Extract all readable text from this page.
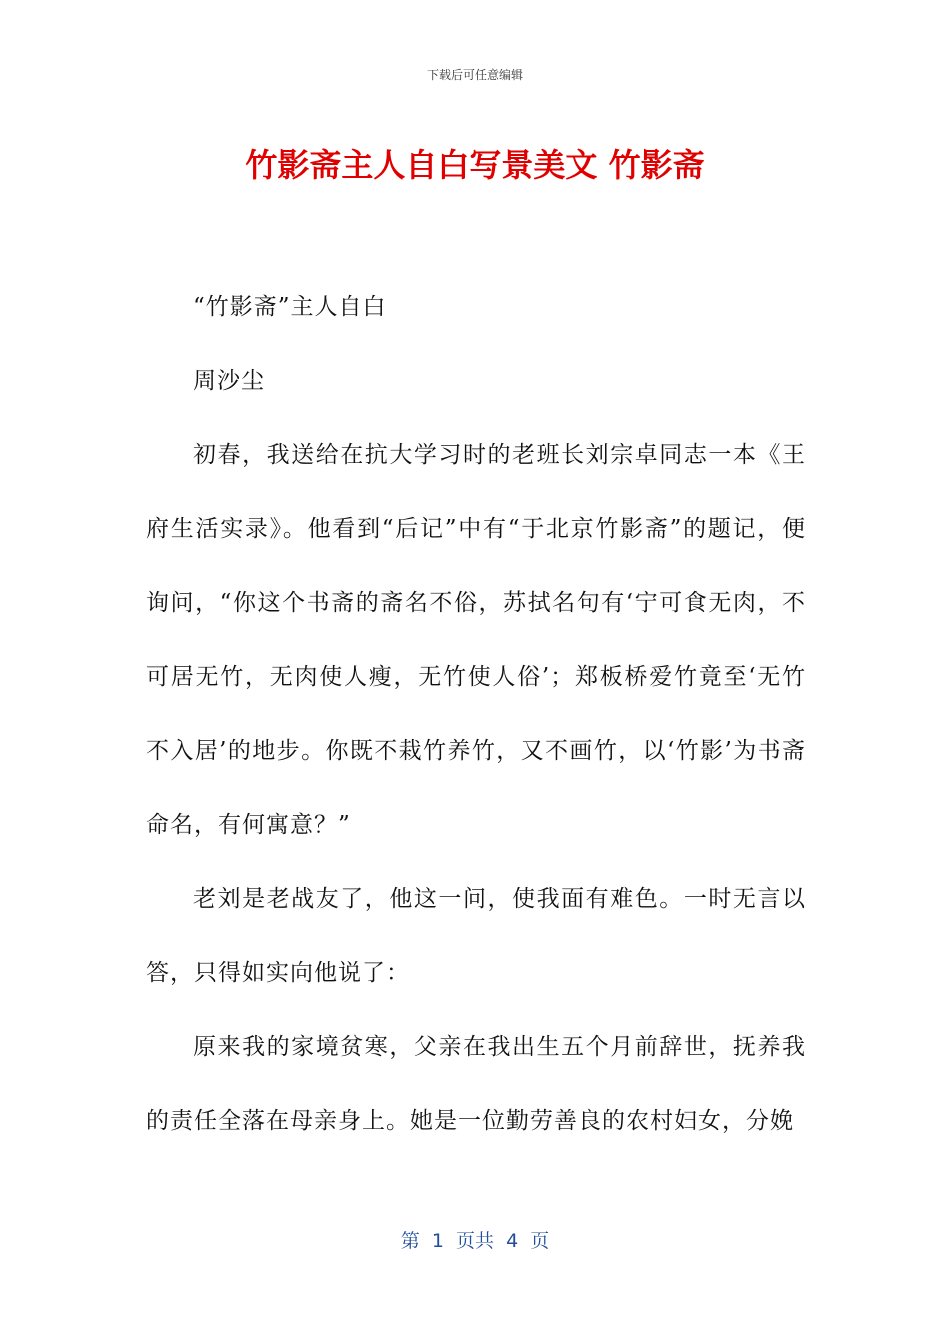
下载后可任意编辑
竹影斋主人自白写景美文 竹影斋

“竹影斋”主人自白

周沙尘

初春，我送给在抗大学习时的老班长刘宗卓同志一本《王府生活实录》。他看到“后记”中有“于北京竹影斋”的题记，便询问，“你这个书斋的斋名不俗，苏拭名句有‘宁可食无肉，不可居无竹，无肉使人瘦，无竹使人俗’；郑板桥爱竹竟至‘无竹不入居’的地步。你既不栽竹养竹，又不画竹，以‘竹影’为书斋命名，有何寓意？”

老刘是老战友了，他这一问，使我面有难色。一时无言以答，只得如实向他说了：

原来我的家境贫寒，父亲在我出生五个月前辞世，抚养我的责任全落在母亲身上。她是一位勤劳善良的农村妇女，分娩

第  1  页共  4  页
